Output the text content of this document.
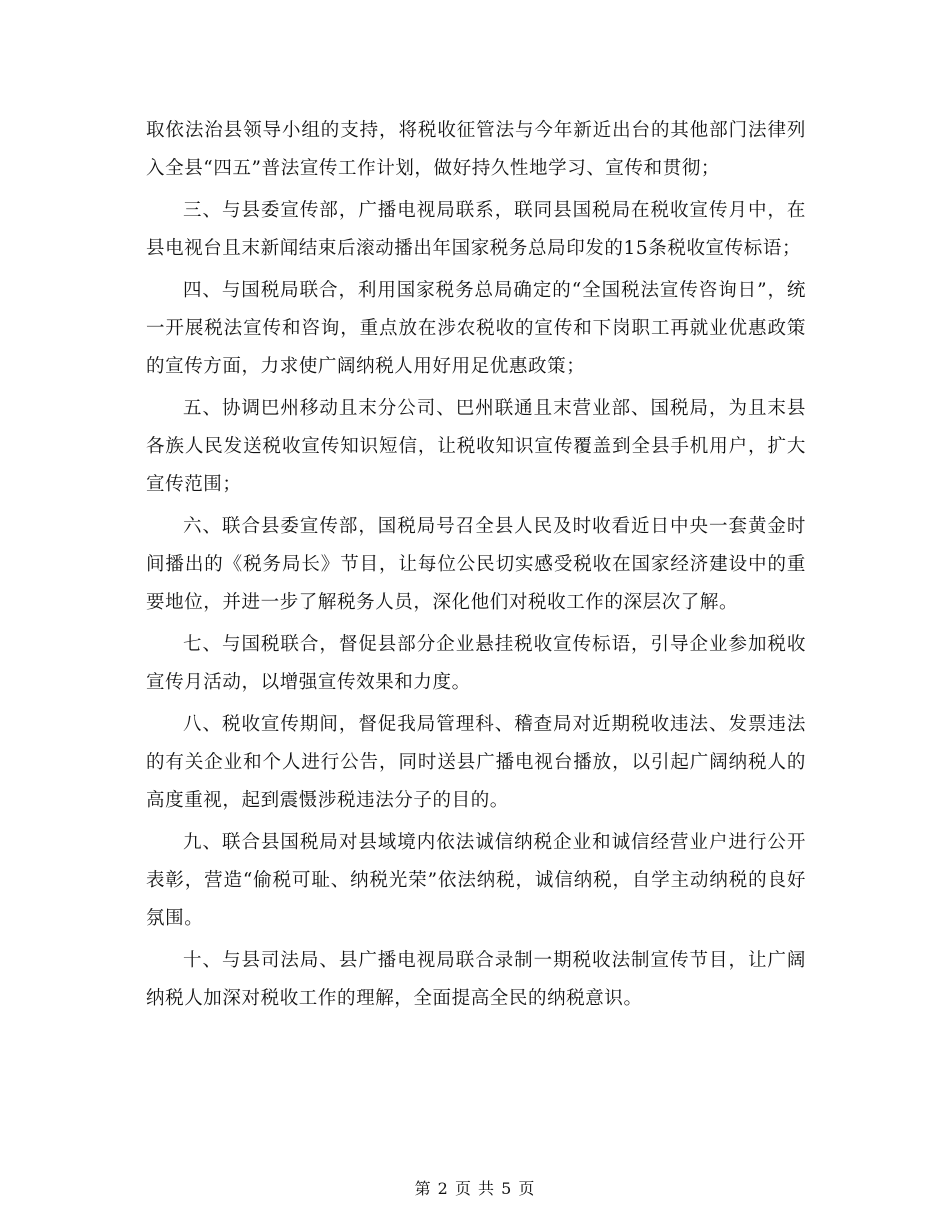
取依法治县领导小组的支持，将税收征管法与今年新近出台的其他部门法律列入全县“四五”普法宣传工作计划，做好持久性地学习、宣传和贯彻；

三、与县委宣传部，广播电视局联系，联同县国税局在税收宣传月中，在县电视台且末新闻结束后滚动播出年国家税务总局印发的15条税收宣传标语；

四、与国税局联合，利用国家税务总局确定的“全国税法宣传咨询日”，统一开展税法宣传和咨询，重点放在涉农税收的宣传和下岗职工再就业优惠政策的宣传方面，力求使广阔纳税人用好用足优惠政策；

五、协调巴州移动且末分公司、巴州联通且末营业部、国税局，为且末县各族人民发送税收宣传知识短信，让税收知识宣传覆盖到全县手机用户，扩大宣传范围；

六、联合县委宣传部，国税局号召全县人民及时收看近日中央一套黄金时间播出的《税务局长》节目，让每位公民切实感受税收在国家经济建设中的重要地位，并进一步了解税务人员，深化他们对税收工作的深层次了解。

七、与国税联合，督促县部分企业悬挂税收宣传标语，引导企业参加税收宣传月活动，以增强宣传效果和力度。

八、税收宣传期间，督促我局管理科、稽查局对近期税收违法、发票违法的有关企业和个人进行公告，同时送县广播电视台播放，以引起广阔纳税人的高度重视，起到震慑涉税违法分子的目的。

九、联合县国税局对县域境内依法诚信纳税企业和诚信经营业户进行公开表彰，营造“偷税可耻、纳税光荣”依法纳税，诚信纳税，自学主动纳税的良好氛围。

十、与县司法局、县广播电视局联合录制一期税收法制宣传节目，让广阔纳税人加深对税收工作的理解，全面提高全民的纳税意识。

第 2 页 共 5 页
